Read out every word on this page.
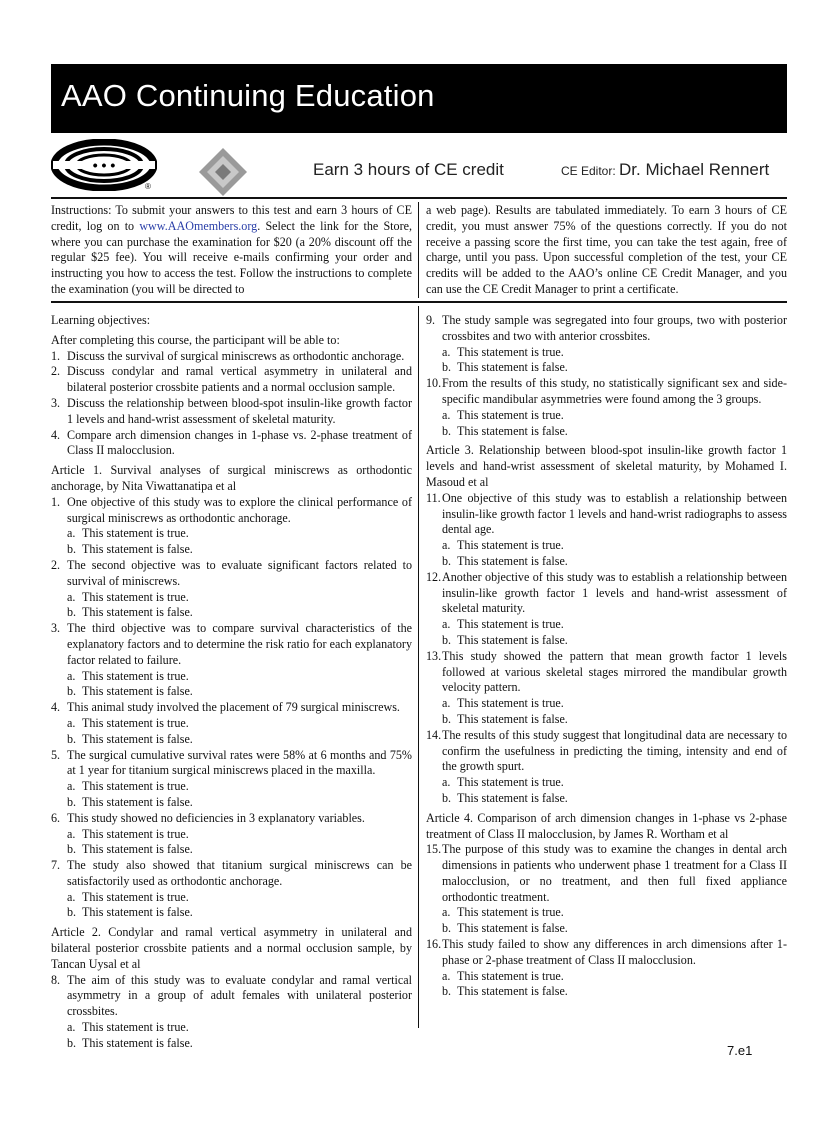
AAO Continuing Education
• • •
®
Earn 3 hours of CE credit	CE Editor: Dr. Michael Rennert
Instructions: To submit your answers to this test and earn 3 hours of CE credit, log on to www.AAOmembers.org. Select the link for the Store, where you can purchase the examination for $20 (a 20% discount off the regular $25 fee). You will receive e-mails confirming your order and instructing you how to access the test. Follow the instructions to complete the examination (you will be directed to
a web page). Results are tabulated immediately. To earn 3 hours of CE credit, you must answer 75% of the questions correctly. If you do not receive a passing score the first time, you can take the test again, free of charge, until you pass. Upon successful completion of the test, your CE credits will be added to the AAO’s online CE Credit Manager, and you can use the CE Credit Manager to print a certificate.

Learning objectives:

After completing this course, the participant will be able to:

1. Discuss the survival of surgical miniscrews as orthodontic anchorage.

2. Discuss condylar and ramal vertical asymmetry in unilateral and bilateral posterior crossbite patients and a normal occlusion sample.

3. Discuss the relationship between blood-spot insulin-like growth factor 1 levels and hand-wrist assessment of skeletal maturity.

4. Compare arch dimension changes in 1-phase vs. 2-phase treatment of Class II malocclusion.

Article 1. Survival analyses of surgical miniscrews as orthodontic anchorage, by Nita Viwattanatipa et al

1. One objective of this study was to explore the clinical performance of surgical miniscrews as orthodontic anchorage.

a. This statement is true.

b. This statement is false.

2. The second objective was to evaluate significant factors related to survival of miniscrews.

a. This statement is true.

b. This statement is false.

3. The third objective was to compare survival characteristics of the explanatory factors and to determine the risk ratio for each explanatory factor related to failure.

a. This statement is true.

b. This statement is false.

4. This animal study involved the placement of 79 surgical miniscrews.

a. This statement is true.

b. This statement is false.

5. The surgical cumulative survival rates were 58% at 6 months and 75% at 1 year for titanium surgical miniscrews placed in the maxilla.

a. This statement is true.

b. This statement is false.

6. This study showed no deficiencies in 3 explanatory variables.

a. This statement is true.

b. This statement is false.

7. The study also showed that titanium surgical miniscrews can be satisfactorily used as orthodontic anchorage.

a. This statement is true.

b. This statement is false.

Article 2. Condylar and ramal vertical asymmetry in unilateral and bilateral posterior crossbite patients and a normal occlusion sample, by Tancan Uysal et al

8. The aim of this study was to evaluate condylar and ramal vertical asymmetry in a group of adult females with unilateral posterior crossbites.

a. This statement is true.

b. This statement is false.

9. The study sample was segregated into four groups, two with posterior crossbites and two with anterior crossbites.

a. This statement is true.

b. This statement is false.

10.From the results of this study, no statistically significant sex and side-specific mandibular asymmetries were found among the 3 groups.

a. This statement is true.

b. This statement is false.

Article 3. Relationship between blood-spot insulin-like growth factor 1 levels and hand-wrist assessment of skeletal maturity, by Mohamed I. Masoud et al

11.One objective of this study was to establish a relationship between insulin-like growth factor 1 levels and hand-wrist radiographs to assess dental age.

a. This statement is true.

b. This statement is false.

12.Another objective of this study was to establish a relationship between insulin-like growth factor 1 levels and hand-wrist assessment of skeletal maturity.

a. This statement is true.

b. This statement is false.

13.This study showed the pattern that mean growth factor 1 levels followed at various skeletal stages mirrored the mandibular growth velocity pattern.

a. This statement is true.

b. This statement is false.

14.The results of this study suggest that longitudinal data are necessary to confirm the usefulness in predicting the timing, intensity and end of the growth spurt.

a. This statement is true.

b. This statement is false.

Article 4. Comparison of arch dimension changes in 1-phase vs 2-phase treatment of Class II malocclusion, by James R. Wortham et al

15.The purpose of this study was to examine the changes in dental arch dimensions in patients who underwent phase 1 treatment for a Class II malocclusion, or no treatment, and then full fixed appliance orthodontic treatment.

a. This statement is true.

b. This statement is false.

16.This study failed to show any differences in arch dimensions after 1-phase or 2-phase treatment of Class II malocclusion.

a. This statement is true.

b. This statement is false.

7.e1
